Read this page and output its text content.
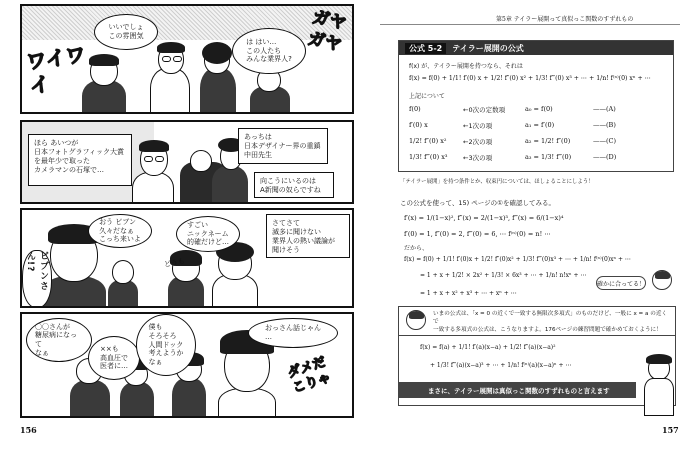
いいでしょ
この雰囲気
は はい…
この人たち
みんな業界人?
ワイワイ
ガヤガヤ
ほら あいつが
日本フォトグラフィック大賞
を最年少で取った
カメラマンの石塚で…
あっちは
日本デザイナー界の重鎮
中田先生
向こうにいるのは
A新聞の奴らですね
ビブンさん!?
おう ビブン
久々だなぁ
こっち来いよ
すごい
ニックネーム
的確だけど…
さてさて
滅多に聞けない
業界人の熱い議論が
聞けそう
どうも
〇〇さんが
糖尿病になって
なぁ	××も
高血圧で
医者に…
僕も
そろそろ
人間ドック
考えようか
なぁ
おっさん話じゃん
…
ダメだ
こりゃ
156
第5章 テイラー展開って真似っこ関数のすずれもの
公式 5-2	テイラー展開の公式
f(x) が、テイラー展開を持つなら、それは
f(x) = f(0) + 1/1! f′(0) x + 1/2! f″(0) x² + 1/3! f‴(0) x³ + ⋯ + 1/n! f⁽ⁿ⁾(0) xⁿ + ⋯
上記について
f(0)	←0次の定数項	a₀ = f(0)	——(A)
f′(0) x	←1次の項	a₁ = f′(0)	——(B)
1/2! f″(0) x²	←2次の項	a₂ = 1/2! f″(0)	——(C)
1/3! f‴(0) x³ ←3次の項	a₃ = 1/3! f‴(0)	——(D)
「テイラー展開」を持つ条件とか、収束円については、ほしょることにしよう！
この公式を使って、15) ページの①を確認してみる。
f′(x) = 1/(1−x)², f″(x) = 2/(1−x)³, f‴(x) = 6/(1−x)⁴
f′(0) = 1, f″(0) = 2, f‴(0) = 6, ⋯ f⁽ⁿ⁾(0) = n! ⋯
だから、
f(x) = f(0) + 1/1! f′(0)x + 1/2! f″(0)x² + 1/3! f‴(0)x³ + ⋯ + 1/n! f⁽ⁿ⁾(0)xⁿ + ⋯
= 1 + x + 1/2! × 2x² + 1/3! × 6x³ + ⋯ + 1/n! n!xⁿ + ⋯
= 1 + x + x² + x³ + ⋯ + xⁿ + ⋯
確かに合ってる！
いまの公式は、「x = 0 の近くで一致する無限次多項式」のものだけど、一般に x = a の近くで
一致する多項式の公式は、こうなりますよ。176ページの練習問題で確かめておくように！
f(x) = f(a) + 1/1! f′(a)(x−a) + 1/2! f″(a)(x−a)²
+ 1/3! f‴(a)(x−a)³ + ⋯ + 1/n! f⁽ⁿ⁾(a)(x−a)ⁿ + ⋯
まさに、テイラー展開は真似っこ関数のすずれものと言えます
157
